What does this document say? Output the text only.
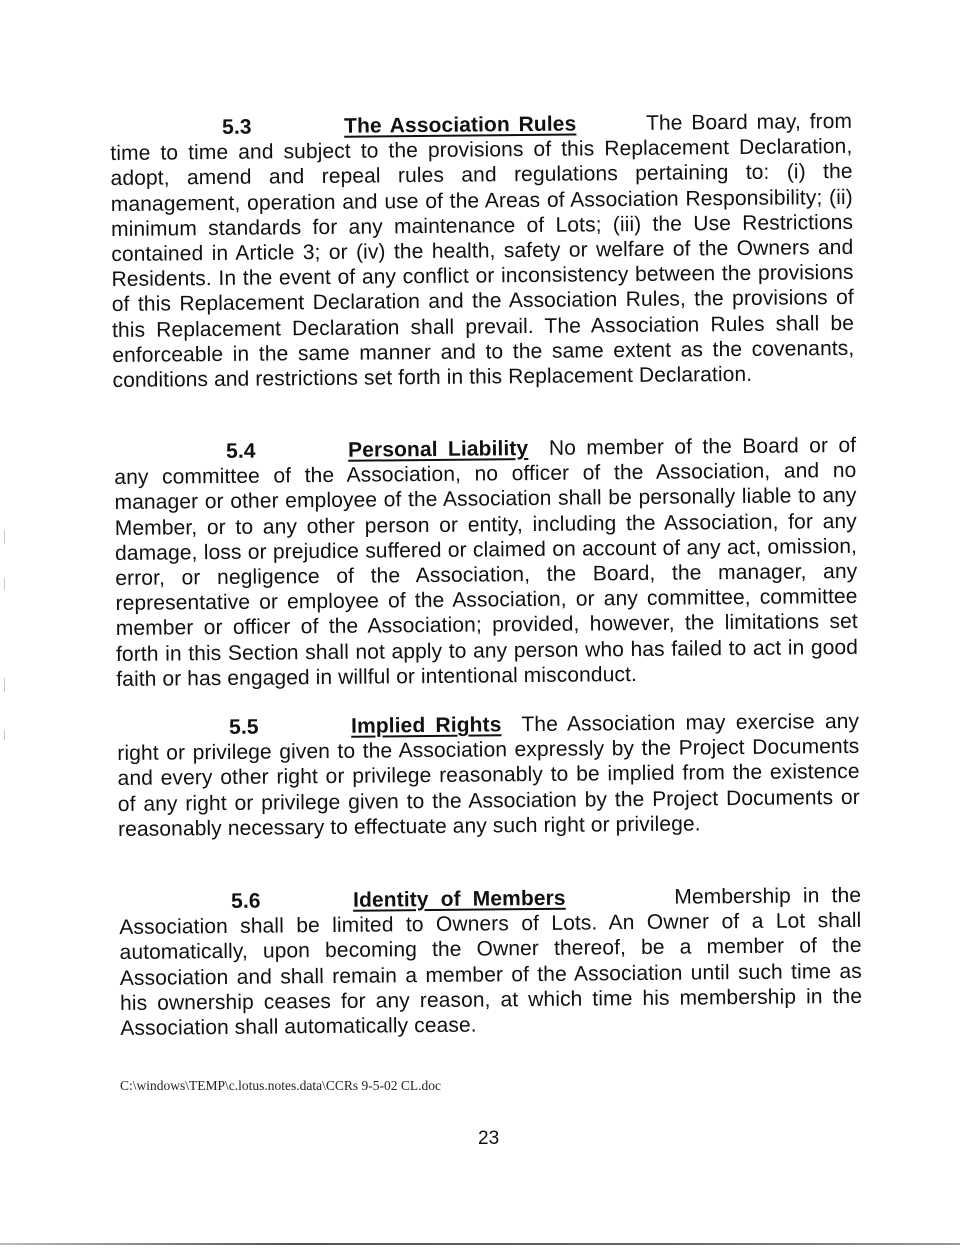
5.3	The Association Rules	The Board may, from time to time and subject to the provisions of this Replacement Declaration, adopt, amend and repeal rules and regulations pertaining to: (i) the management, operation and use of the Areas of Association Responsibility; (ii) minimum standards for any maintenance of Lots; (iii) the Use Restrictions contained in Article 3; or (iv) the health, safety or welfare of the Owners and Residents. In the event of any conflict or inconsistency between the provisions of this Replacement Declaration and the Association Rules, the provisions of this Replacement Declaration shall prevail. The Association Rules shall be enforceable in the same manner and to the same extent as the covenants, conditions and restrictions set forth in this Replacement Declaration.

5.4	Personal Liability No member of the Board or of any committee of the Association, no officer of the Association, and no manager or other employee of the Association shall be personally liable to any Member, or to any other person or entity, including the Association, for any damage, loss or prejudice suffered or claimed on account of any act, omission, error, or negligence of the Association, the Board, the manager, any representative or employee of the Association, or any committee, committee member or officer of the Association; provided, however, the limitations set forth in this Section shall not apply to any person who has failed to act in good faith or has engaged in willful or intentional misconduct.

5.5	Implied Rights The Association may exercise any right or privilege given to the Association expressly by the Project Documents and every other right or privilege reasonably to be implied from the existence of any right or privilege given to the Association by the Project Documents or reasonably necessary to effectuate any such right or privilege.

5.6	Identity of Members	Membership in the Association shall be limited to Owners of Lots. An Owner of a Lot shall automatically, upon becoming the Owner thereof, be a member of the Association and shall remain a member of the Association until such time as his ownership ceases for any reason, at which time his membership in the Association shall automatically cease.

C:\windows\TEMP\c.lotus.notes.data\CCRs 9-5-02 CL.doc
23
